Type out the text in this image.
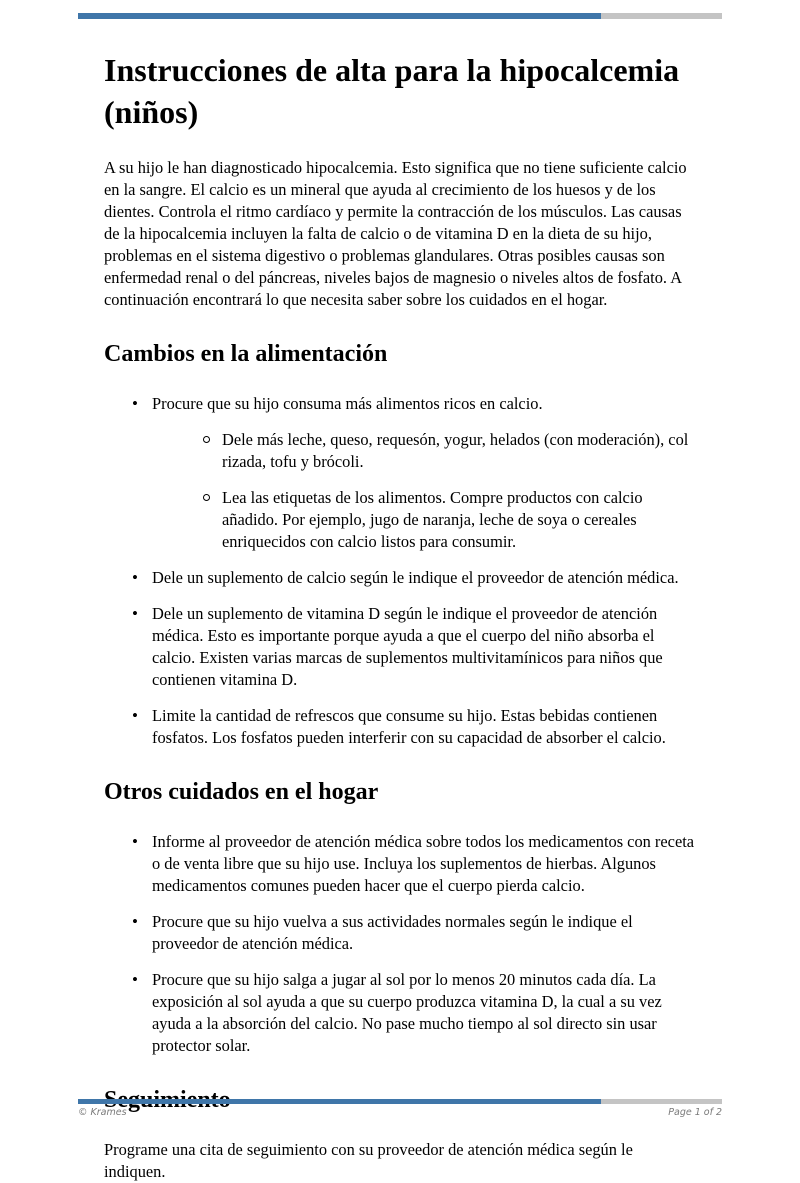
Instrucciones de alta para la hipocalcemia (niños)

A su hijo le han diagnosticado hipocalcemia. Esto significa que no tiene suficiente calcio en la sangre. El calcio es un mineral que ayuda al crecimiento de los huesos y de los dientes. Controla el ritmo cardíaco y permite la contracción de los músculos. Las causas de la hipocalcemia incluyen la falta de calcio o de vitamina D en la dieta de su hijo, problemas en el sistema digestivo o problemas glandulares. Otras posibles causas son enfermedad renal o del páncreas, niveles bajos de magnesio o niveles altos de fosfato. A continuación encontrará lo que necesita saber sobre los cuidados en el hogar.

Cambios en la alimentación
• Procure que su hijo consuma más alimentos ricos en calcio.
Dele más leche, queso, requesón, yogur, helados (con moderación), col rizada, tofu y brócoli.
Lea las etiquetas de los alimentos. Compre productos con calcio añadido. Por ejemplo, jugo de naranja, leche de soya o cereales enriquecidos con calcio listos para consumir.
• Dele un suplemento de calcio según le indique el proveedor de atención médica.
• Dele un suplemento de vitamina D según le indique el proveedor de atención médica. Esto es importante porque ayuda a que el cuerpo del niño absorba el calcio. Existen varias marcas de suplementos multivitamínicos para niños que contienen vitamina D.
• Limite la cantidad de refrescos que consume su hijo. Estas bebidas contienen fosfatos. Los fosfatos pueden interferir con su capacidad de absorber el calcio.
Otros cuidados en el hogar
• Informe al proveedor de atención médica sobre todos los medicamentos con receta o de venta libre que su hijo use. Incluya los suplementos de hierbas. Algunos medicamentos comunes pueden hacer que el cuerpo pierda calcio.
• Procure que su hijo vuelva a sus actividades normales según le indique el proveedor de atención médica.
• Procure que su hijo salga a jugar al sol por lo menos 20 minutos cada día. La exposición al sol ayuda a que su cuerpo produzca vitamina D, la cual a su vez ayuda a la absorción del calcio. No pase mucho tiempo al sol directo sin usar protector solar.

Programe una cita de seguimiento con su proveedor de atención médica según le indiquen.

© Krames	Page 1 of 2
